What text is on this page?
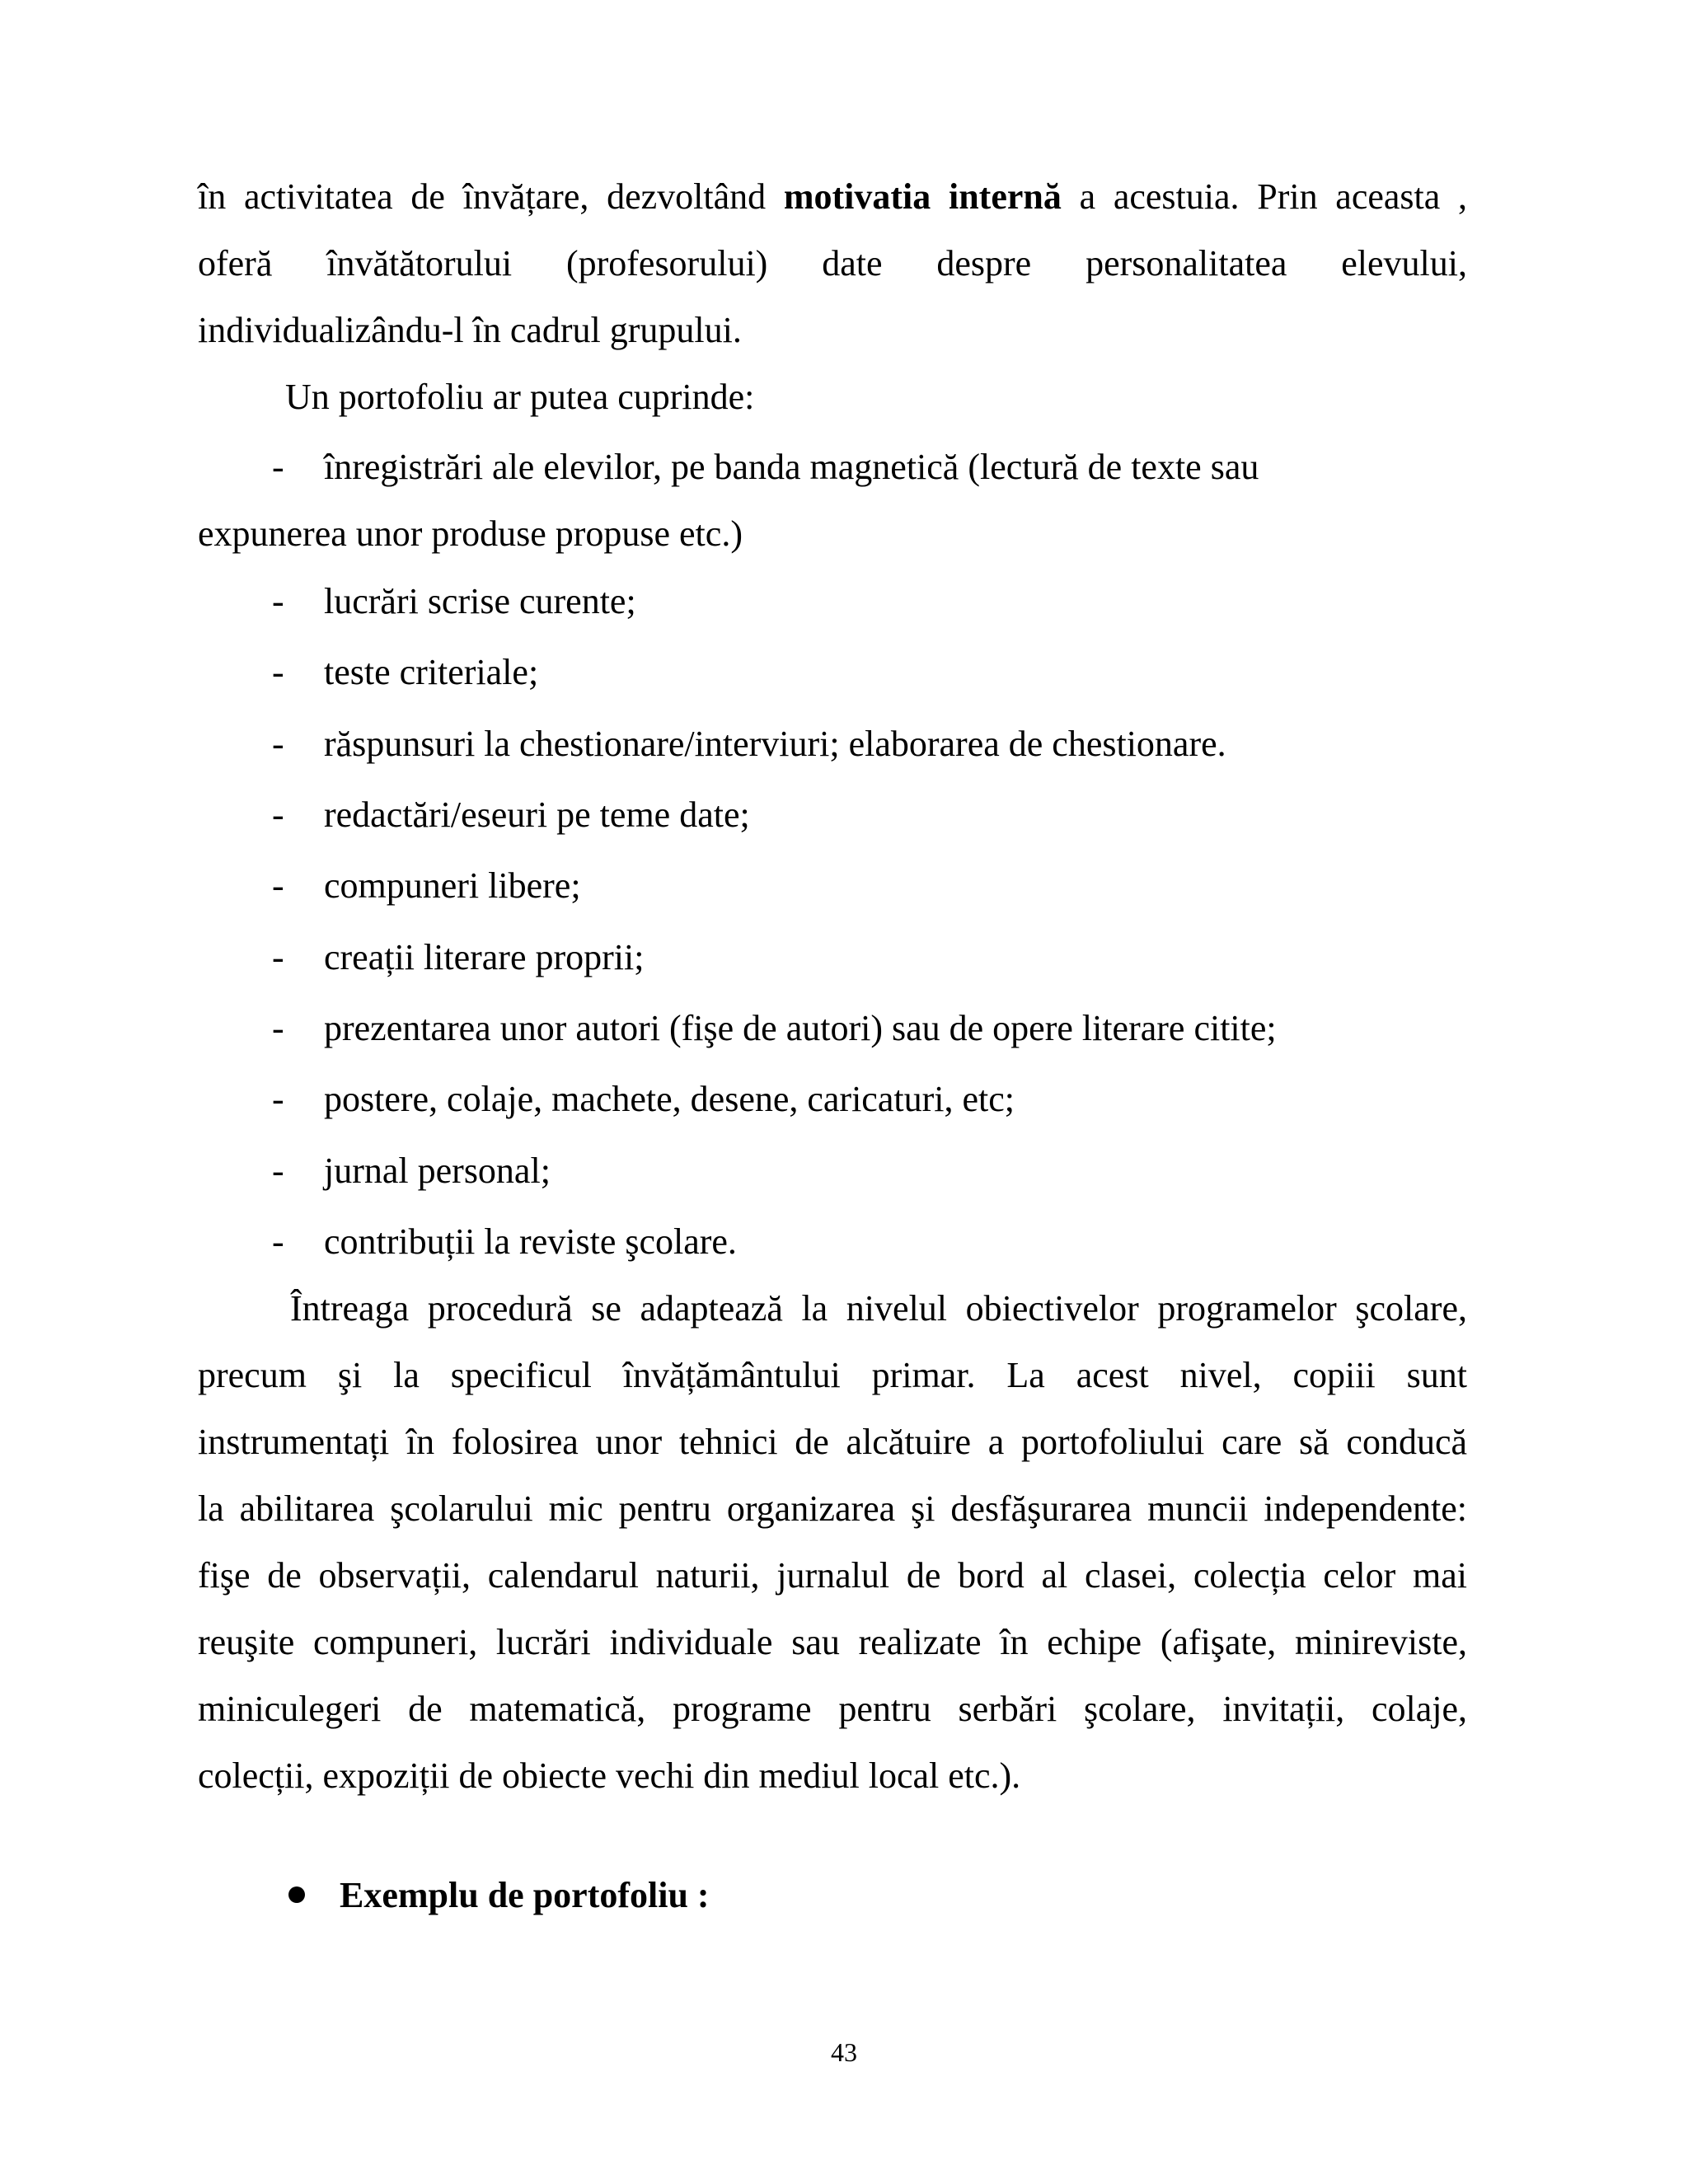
în activitatea de învățare, dezvoltând motivatia internă a acestuia. Prin aceasta ,
oferă învătătorului (profesorului) date despre personalitatea elevului,
individualizându-l în cadrul grupului.
Un portofoliu ar putea cuprinde:
- înregistrări ale elevilor, pe banda magnetică (lectură de texte sau
expunerea unor produse propuse etc.)
- lucrări scrise curente;
- teste criteriale;
- răspunsuri la chestionare/interviuri; elaborarea de chestionare.
- redactări/eseuri pe teme date;
- compuneri libere;
- creații literare proprii;
- prezentarea unor autori (fişe de autori) sau de opere literare citite;
- postere, colaje, machete, desene, caricaturi, etc;
- jurnal personal;
- contribuții la reviste şcolare.
Întreaga procedură se adaptează la nivelul obiectivelor programelor şcolare,
precum şi la specificul învățământului primar. La acest nivel, copiii sunt
instrumentați în folosirea unor tehnici de alcătuire a portofoliului care să conducă
la abilitarea şcolarului mic pentru organizarea şi desfăşurarea muncii independente:
fişe de observații, calendarul naturii, jurnalul de bord al clasei, colecția celor mai
reuşite compuneri, lucrări individuale sau realizate în echipe (afişate, minireviste,
miniculegeri de matematică, programe pentru serbări şcolare, invitații, colaje,
colecții, expoziții de obiecte vechi din mediul local etc.).
Exemplu de portofoliu :
43
